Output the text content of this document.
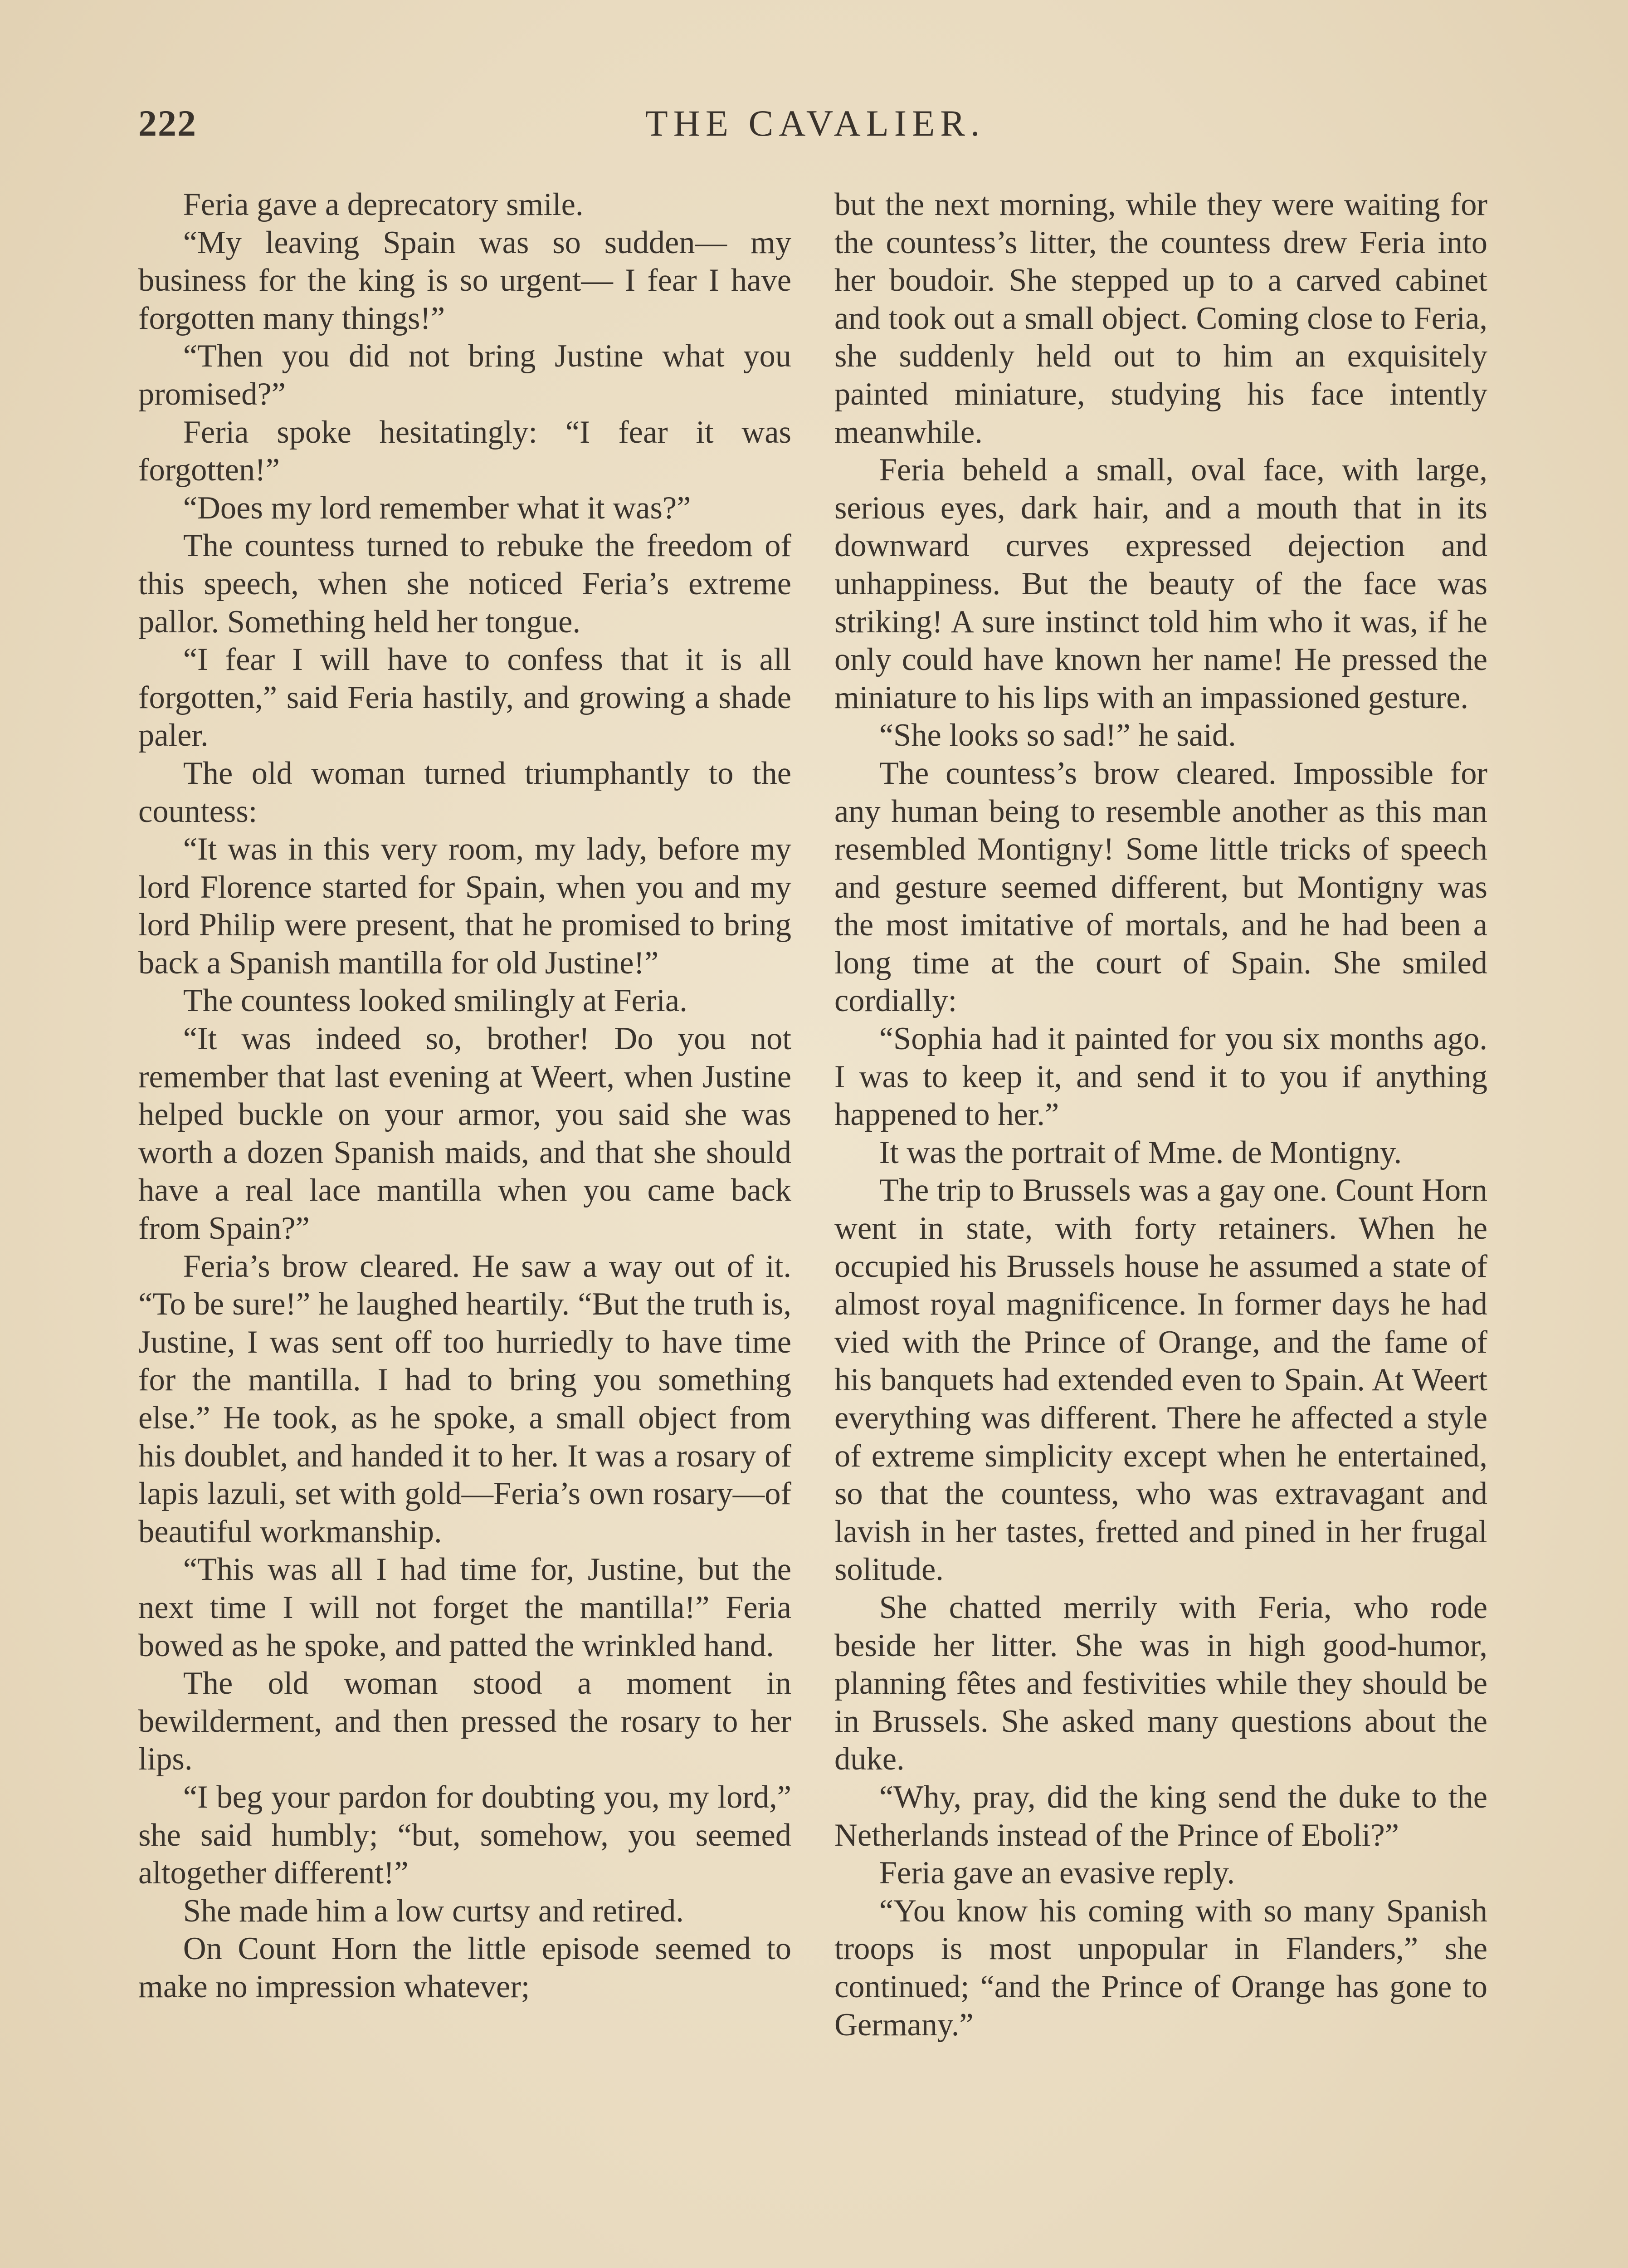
222	THE CAVALIER.

Feria gave a deprecatory smile.

“My leaving Spain was so sudden— my business for the king is so urgent— I fear I have forgotten many things!”

“Then you did not bring Justine what you promised?”

Feria spoke hesitatingly: “I fear it was forgotten!”

“Does my lord remember what it was?”

The countess turned to rebuke the freedom of this speech, when she noticed Feria’s extreme pallor. Something held her tongue.

“I fear I will have to confess that it is all forgotten,” said Feria hastily, and growing a shade paler.

The old woman turned triumphantly to the countess:

“It was in this very room, my lady, before my lord Florence started for Spain, when you and my lord Philip were present, that he promised to bring back a Spanish mantilla for old Justine!”

The countess looked smilingly at Feria.

“It was indeed so, brother! Do you not remember that last evening at Weert, when Justine helped buckle on your armor, you said she was worth a dozen Spanish maids, and that she should have a real lace mantilla when you came back from Spain?”

Feria’s brow cleared. He saw a way out of it. “To be sure!” he laughed heartily. “But the truth is, Justine, I was sent off too hurriedly to have time for the mantilla. I had to bring you something else.” He took, as he spoke, a small object from his doublet, and handed it to her. It was a rosary of lapis lazuli, set with gold—Feria’s own rosary—of beautiful workmanship.

“This was all I had time for, Justine, but the next time I will not forget the mantilla!” Feria bowed as he spoke, and patted the wrinkled hand.

The old woman stood a moment in bewilderment, and then pressed the rosary to her lips.

“I beg your pardon for doubting you, my lord,” she said humbly; “but, somehow, you seemed altogether different!”

She made him a low curtsy and retired.

On Count Horn the little episode seemed to make no impression whatever;

but the next morning, while they were waiting for the countess’s litter, the countess drew Feria into her boudoir. She stepped up to a carved cabinet and took out a small object. Coming close to Feria, she suddenly held out to him an exquisitely painted miniature, studying his face intently meanwhile.

Feria beheld a small, oval face, with large, serious eyes, dark hair, and a mouth that in its downward curves expressed dejection and unhappiness. But the beauty of the face was striking! A sure instinct told him who it was, if he only could have known her name! He pressed the miniature to his lips with an impassioned gesture.

“She looks so sad!” he said.

The countess’s brow cleared. Impossible for any human being to resemble another as this man resembled Montigny! Some little tricks of speech and gesture seemed different, but Montigny was the most imitative of mortals, and he had been a long time at the court of Spain. She smiled cordially:

“Sophia had it painted for you six months ago. I was to keep it, and send it to you if anything happened to her.”

It was the portrait of Mme. de Montigny.

The trip to Brussels was a gay one. Count Horn went in state, with forty retainers. When he occupied his Brussels house he assumed a state of almost royal magnificence. In former days he had vied with the Prince of Orange, and the fame of his banquets had extended even to Spain. At Weert everything was different. There he affected a style of extreme simplicity except when he entertained, so that the countess, who was extravagant and lavish in her tastes, fretted and pined in her frugal solitude.

She chatted merrily with Feria, who rode beside her litter. She was in high good-humor, planning fêtes and festivities while they should be in Brussels. She asked many questions about the duke.

“Why, pray, did the king send the duke to the Netherlands instead of the Prince of Eboli?”

Feria gave an evasive reply.

“You know his coming with so many Spanish troops is most unpopular in Flanders,” she continued; “and the Prince of Orange has gone to Germany.”
